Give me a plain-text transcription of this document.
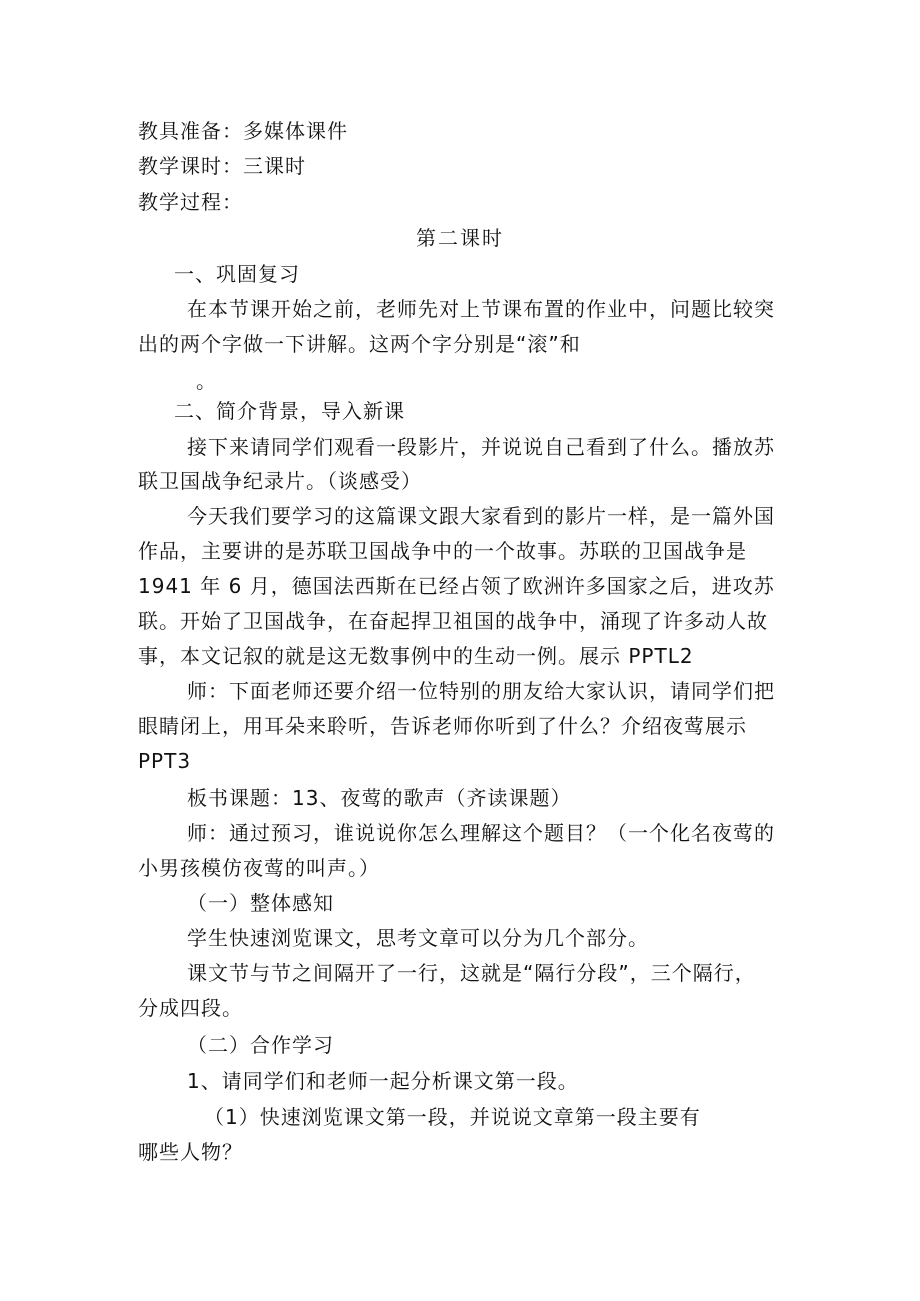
教具准备：多媒体课件
教学课时：三课时
教学过程：
第二课时
一、巩固复习
在本节课开始之前，老师先对上节课布置的作业中，问题比较突
出的两个字做一下讲解。这两个字分别是“滚”和
。
二、简介背景，导入新课
接下来请同学们观看一段影片，并说说自己看到了什么。播放苏
联卫国战争纪录片。（谈感受）
今天我们要学习的这篇课文跟大家看到的影片一样，是一篇外国
作品，主要讲的是苏联卫国战争中的一个故事。苏联的卫国战争是
1941 年 6 月，德国法西斯在已经占领了欧洲许多国家之后，进攻苏
联。开始了卫国战争，在奋起捍卫祖国的战争中，涌现了许多动人故
事，本文记叙的就是这无数事例中的生动一例。展示 PPTL2
师：下面老师还要介绍一位特别的朋友给大家认识，请同学们把
眼睛闭上，用耳朵来聆听，告诉老师你听到了什么？介绍夜莺展示
PPT3
板书课题：13、夜莺的歌声（齐读课题）
师：通过预习，谁说说你怎么理解这个题目？（一个化名夜莺的
小男孩模仿夜莺的叫声。）
（一）整体感知
学生快速浏览课文，思考文章可以分为几个部分。
课文节与节之间隔开了一行，这就是“隔行分段”，三个隔行，
分成四段。
（二）合作学习
1、请同学们和老师一起分析课文第一段。
（1）快速浏览课文第一段，并说说文章第一段主要有
哪些人物？
